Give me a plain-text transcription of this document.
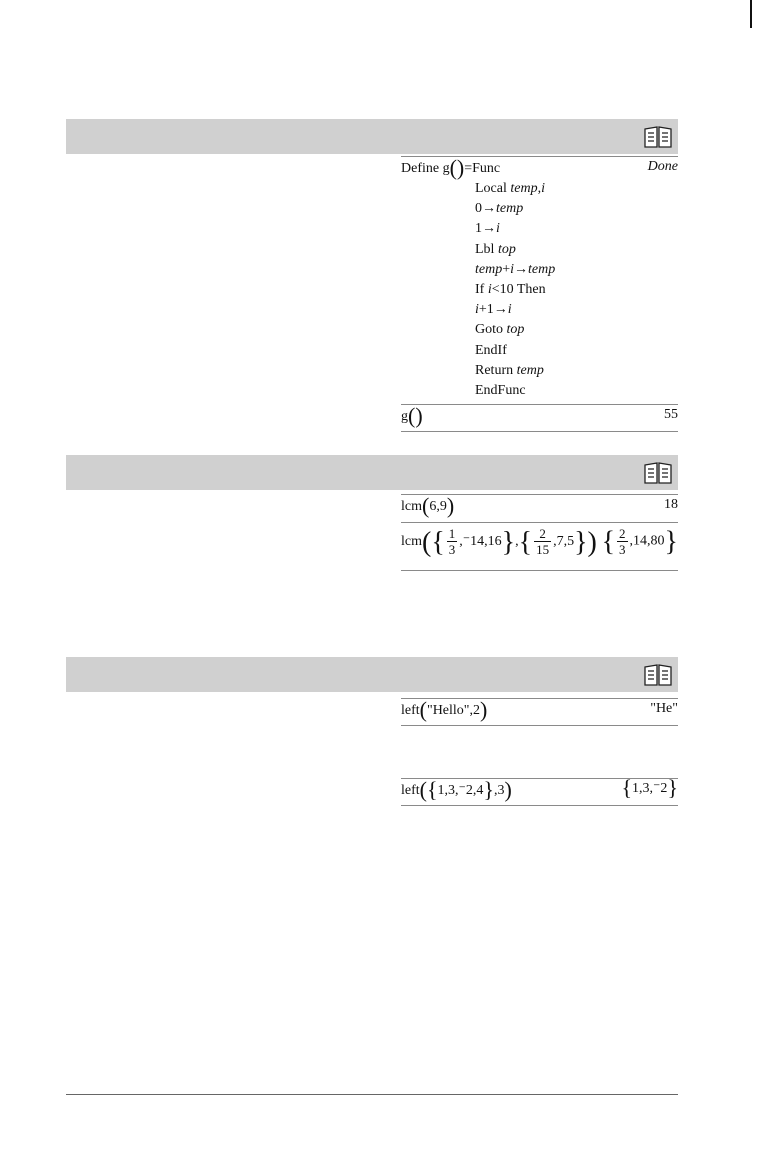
Define g()=Func	Done
Local temp,i
0→temp
1→i
Lbl top
temp+i→temp
If i<10 Then
i+1→i
Goto top
EndIf
Return temp
EndFunc
g()	55
lcm(6,9)	18
$lcm(\{ \frac{1}{3} ,^-14,16\},\{ \frac{2}{15} ,7,5\})$ { $\frac{2}{3} ,14,80$}
left("Hello",2)	"He"
left({1,3,⁻2,4},3)	{1,3,⁻2}
